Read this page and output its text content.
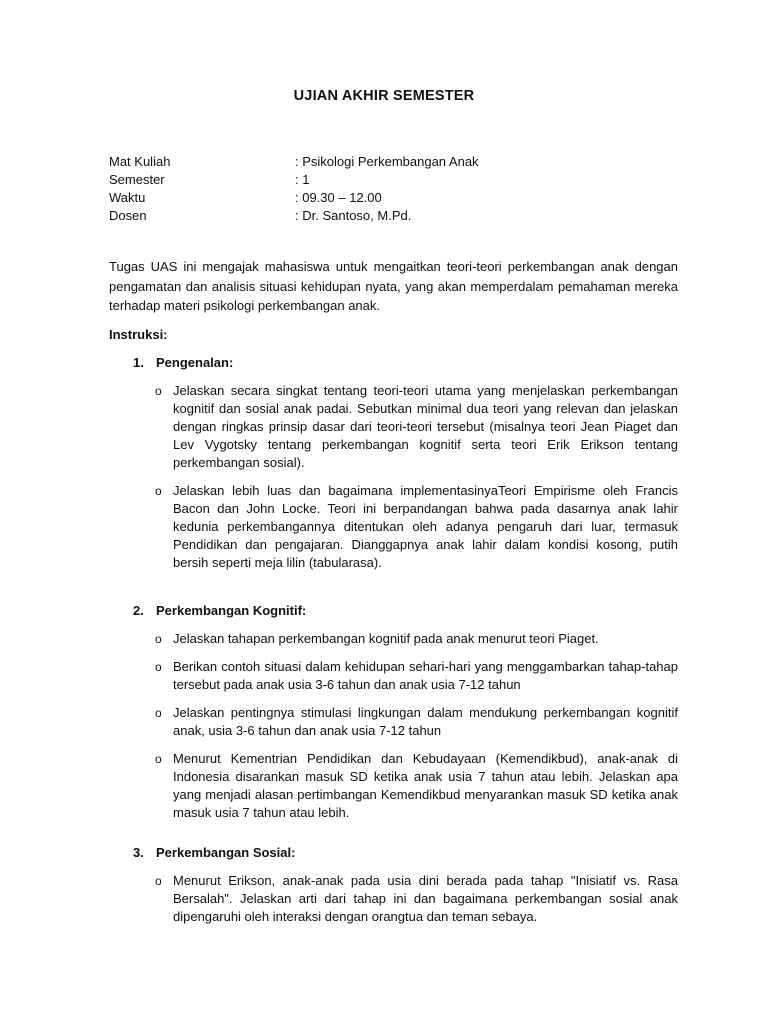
UJIAN AKHIR SEMESTER
Mat Kuliah	: Psikologi Perkembangan Anak
Semester	: 1
Waktu	: 09.30 – 12.00
Dosen	: Dr. Santoso, M.Pd.

Tugas UAS ini mengajak mahasiswa untuk mengaitkan teori-teori perkembangan anak dengan pengamatan dan analisis situasi kehidupan nyata, yang akan memperdalam pemahaman mereka terhadap materi psikologi perkembangan anak.

Instruksi:
1. Pengenalan:
o Jelaskan secara singkat tentang teori-teori utama yang menjelaskan perkembangan kognitif dan sosial anak padai. Sebutkan minimal dua teori yang relevan dan jelaskan dengan ringkas prinsip dasar dari teori-teori tersebut (misalnya teori Jean Piaget dan Lev Vygotsky tentang perkembangan kognitif serta teori Erik Erikson tentang perkembangan sosial).
o Jelaskan lebih luas dan bagaimana implementasinyaTeori Empirisme oleh Francis Bacon dan John Locke. Teori ini berpandangan bahwa pada dasarnya anak lahir kedunia perkembangannya ditentukan oleh adanya pengaruh dari luar, termasuk Pendidikan dan pengajaran. Dianggapnya anak lahir dalam kondisi kosong, putih bersih seperti meja lilin (tabularasa).
2. Perkembangan Kognitif:
o Jelaskan tahapan perkembangan kognitif pada anak menurut teori Piaget.
o Berikan contoh situasi dalam kehidupan sehari-hari yang menggambarkan tahap-tahap tersebut pada anak usia 3-6 tahun dan anak usia 7-12 tahun
o Jelaskan pentingnya stimulasi lingkungan dalam mendukung perkembangan kognitif anak, usia 3-6 tahun dan anak usia 7-12 tahun
o Menurut Kementrian Pendidikan dan Kebudayaan (Kemendikbud), anak-anak di Indonesia disarankan masuk SD ketika anak usia 7 tahun atau lebih. Jelaskan apa yang menjadi alasan pertimbangan Kemendikbud menyarankan masuk SD ketika anak masuk usia 7 tahun atau lebih.
3. Perkembangan Sosial:
o Menurut Erikson, anak-anak pada usia dini berada pada tahap "Inisiatif vs. Rasa Bersalah". Jelaskan arti dari tahap ini dan bagaimana perkembangan sosial anak dipengaruhi oleh interaksi dengan orangtua dan teman sebaya.
